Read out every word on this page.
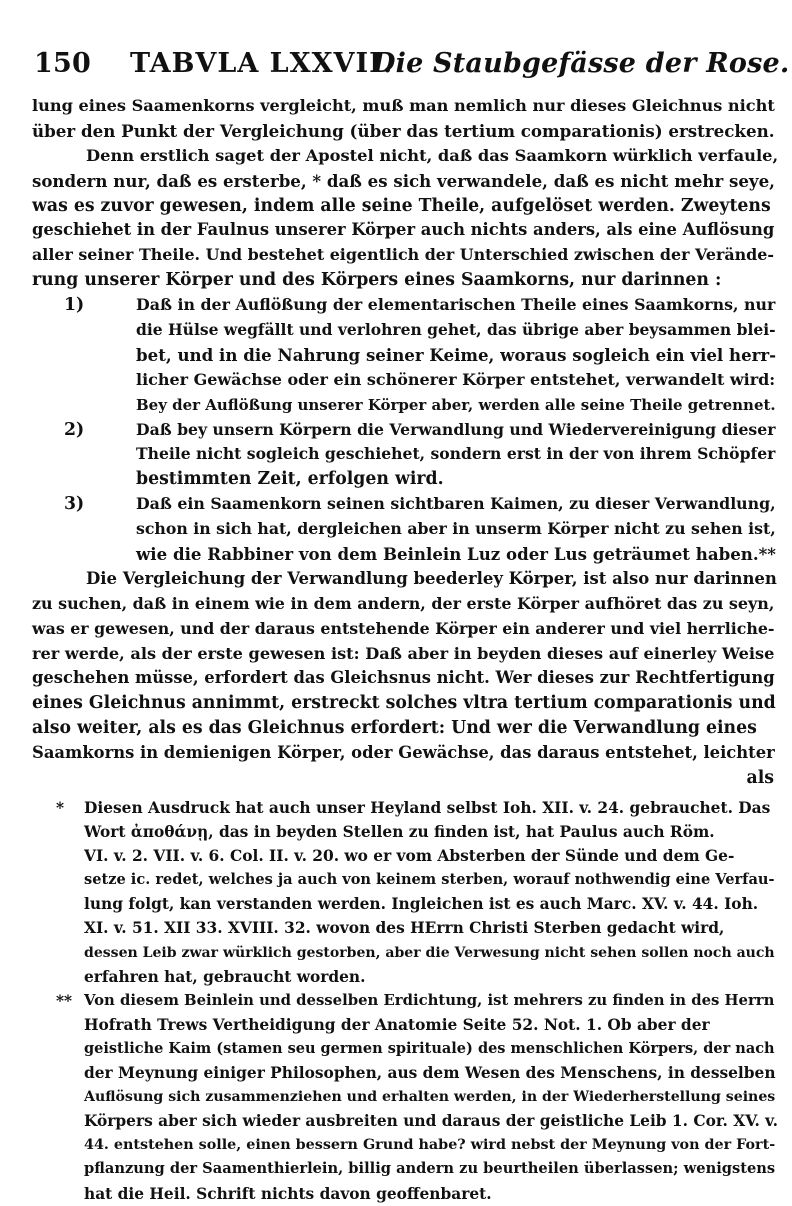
150 TABVLA LXXVII.
Die Staubgefässe der Rose.
lung eines Saamenkorns vergleicht, muß man nemlich nur dieses Gleichnus nicht
über den Punkt der Vergleichung (über das tertium comparationis) erstrecken.
Denn erstlich saget der Apostel nicht, daß das Saamkorn würklich verfaule,
sondern nur, daß es ersterbe, * daß es sich verwandele, daß es nicht mehr seye,
was es zuvor gewesen, indem alle seine Theile, aufgelöset werden. Zweytens
geschiehet in der Faulnus unserer Körper auch nichts anders, als eine Auflösung
aller seiner Theile. Und bestehet eigentlich der Unterschied zwischen der Verände-
rung unserer Körper und des Körpers eines Saamkorns, nur darinnen :
1)	Daß in der Auflößung der elementarischen Theile eines Saamkorns, nur
die Hülse wegfällt und verlohren gehet, das übrige aber beysammen blei-
bet, und in die Nahrung seiner Keime, woraus sogleich ein viel herr-
licher Gewächse oder ein schönerer Körper entstehet, verwandelt wird:
Bey der Auflößung unserer Körper aber, werden alle seine Theile getrennet.
2)	Daß bey unsern Körpern die Verwandlung und Wiedervereinigung dieser
Theile nicht sogleich geschiehet, sondern erst in der von ihrem Schöpfer
bestimmten Zeit, erfolgen wird.
3)	Daß ein Saamenkorn seinen sichtbaren Kaimen, zu dieser Verwandlung,
schon in sich hat, dergleichen aber in unserm Körper nicht zu sehen ist,
wie die Rabbiner von dem Beinlein Luz oder Lus geträumet haben.**
Die Vergleichung der Verwandlung beederley Körper, ist also nur darinnen
zu suchen, daß in einem wie in dem andern, der erste Körper aufhöret das zu seyn,
was er gewesen, und der daraus entstehende Körper ein anderer und viel herrliche-
rer werde, als der erste gewesen ist: Daß aber in beyden dieses auf einerley Weise
geschehen müsse, erfordert das Gleichsnus nicht. Wer dieses zur Rechtfertigung
eines Gleichnus annimmt, erstreckt solches vltra tertium comparationis und
also weiter, als es das Gleichnus erfordert: Und wer die Verwandlung eines
Saamkorns in demienigen Körper, oder Gewächse, das daraus entstehet, leichter
als
* Diesen Ausdruck hat auch unser Heyland selbst Ioh. XII. v. 24. gebrauchet. Das
Wort ἀποθάνῃ, das in beyden Stellen zu finden ist, hat Paulus auch Röm.
VI. v. 2. VII. v. 6. Col. II. v. 20. wo er vom Absterben der Sünde und dem Ge-
setze ic. redet, welches ja auch von keinem sterben, worauf nothwendig eine Verfau-
lung folgt, kan verstanden werden. Ingleichen ist es auch Marc. XV. v. 44. Ioh.
XI. v. 51. XII 33. XVIII. 32. wovon des HErrn Christi Sterben gedacht wird,
dessen Leib zwar würklich gestorben, aber die Verwesung nicht sehen sollen noch auch
erfahren hat, gebraucht worden.
** Von diesem Beinlein und desselben Erdichtung, ist mehrers zu finden in des Herrn
Hofrath Trews Vertheidigung der Anatomie Seite 52. Not. 1. Ob aber der
geistliche Kaim (stamen seu germen spirituale) des menschlichen Körpers, der nach
der Meynung einiger Philosophen, aus dem Wesen des Menschens, in desselben
Auflösung sich zusammenziehen und erhalten werden, in der Wiederherstellung seines
Körpers aber sich wieder ausbreiten und daraus der geistliche Leib 1. Cor. XV. v.
44. entstehen solle, einen bessern Grund habe? wird nebst der Meynung von der Fort-
pflanzung der Saamenthierlein, billig andern zu beurtheilen überlassen; wenigstens
hat die Heil. Schrift nichts davon geoffenbaret.
